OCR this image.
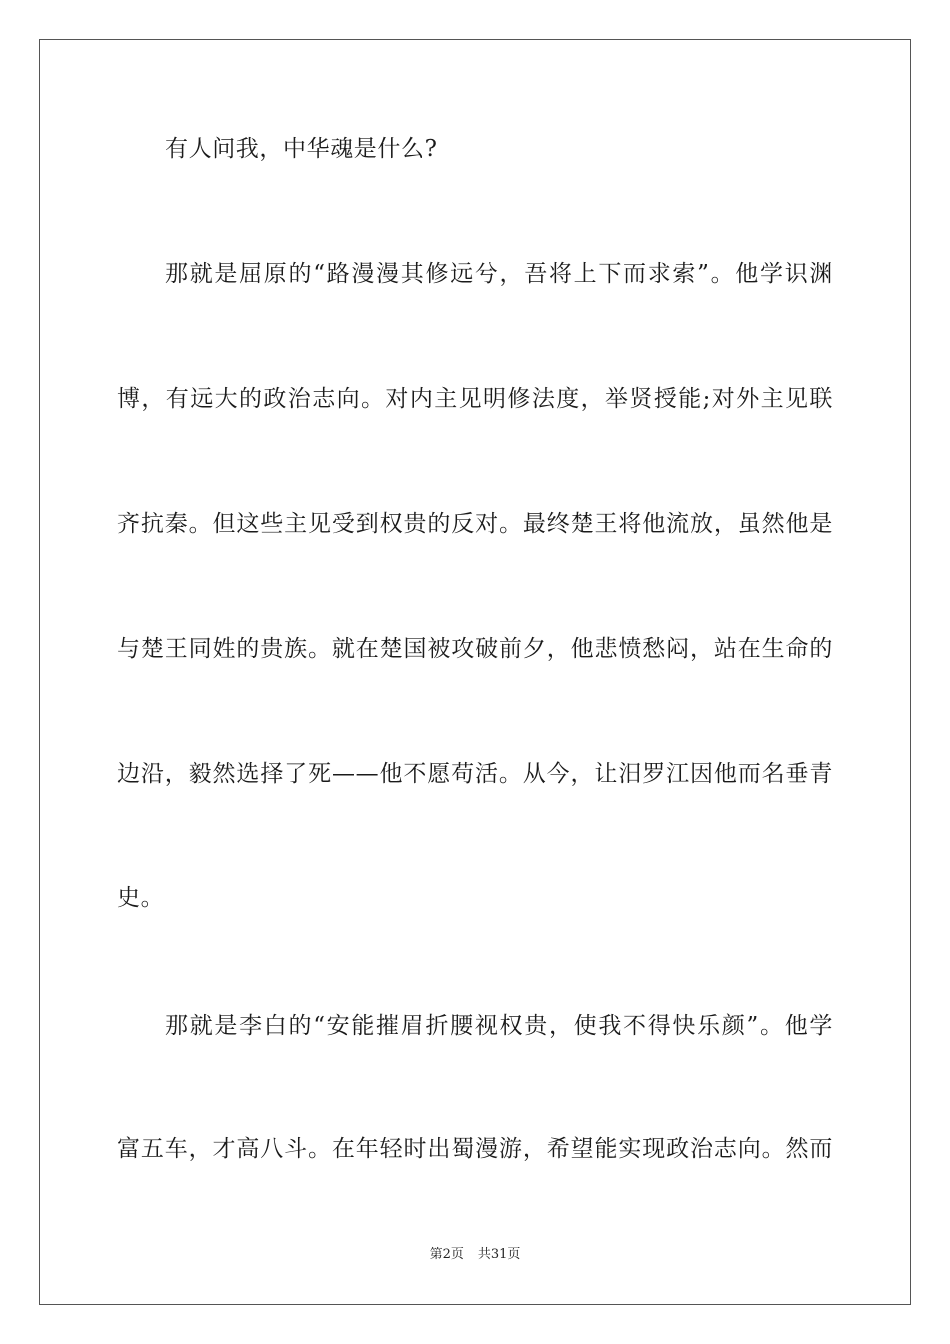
有人问我，中华魂是什么?
那就是屈原的“路漫漫其修远兮，吾将上下而求索”。他学识渊
博，有远大的政治志向。对内主见明修法度，举贤授能;对外主见联
齐抗秦。但这些主见受到权贵的反对。最终楚王将他流放，虽然他是
与楚王同姓的贵族。就在楚国被攻破前夕，他悲愤愁闷，站在生命的
边沿，毅然选择了死——他不愿苟活。从今，让汨罗江因他而名垂青
史。
那就是李白的“安能摧眉折腰视权贵，使我不得快乐颜”。他学
富五车，才高八斗。在年轻时出蜀漫游，希望能实现政治志向。然而
第2页 共31页
